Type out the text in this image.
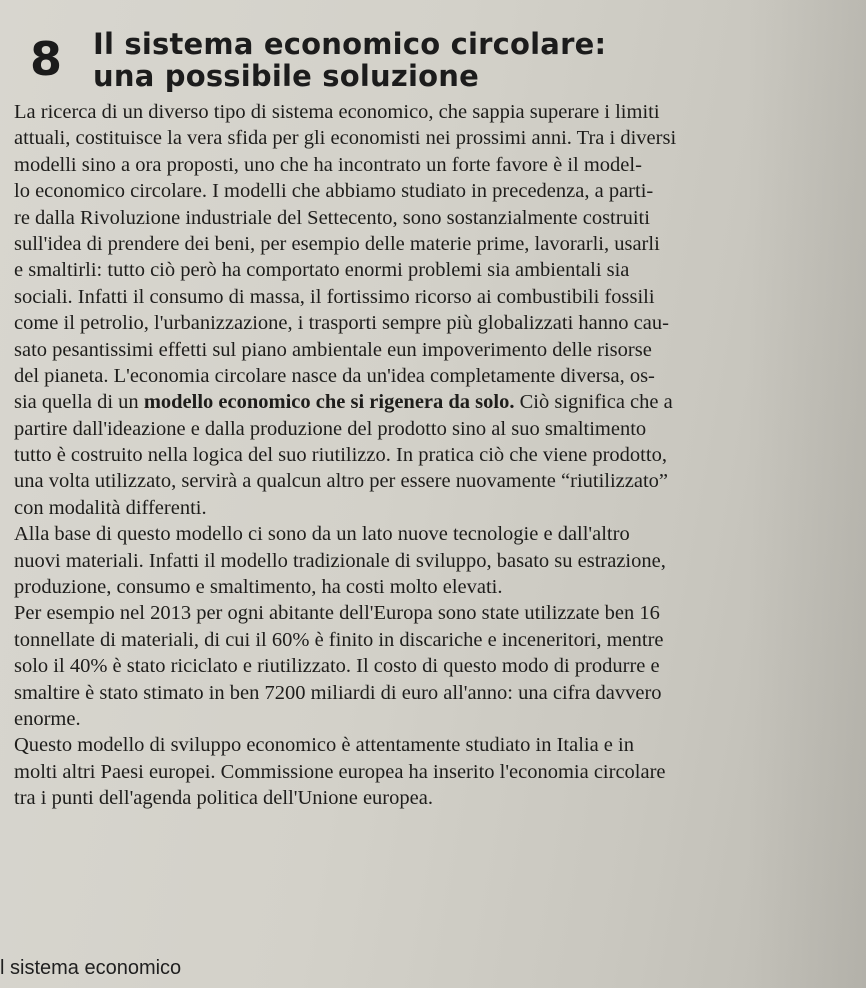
8 Il sistema economico circolare:
una possibile soluzione
La ricerca di un diverso tipo di sistema economico, che sappia superare i limiti
attuali, costituisce la vera sfida per gli economisti nei prossimi anni. Tra i diversi
modelli sino a ora proposti, uno che ha incontrato un forte favore è il model-
lo economico circolare. I modelli che abbiamo studiato in precedenza, a parti-
re dalla Rivoluzione industriale del Settecento, sono sostanzialmente costruiti
sull'idea di prendere dei beni, per esempio delle materie prime, lavorarli, usarli
e smaltirli: tutto ciò però ha comportato enormi problemi sia ambientali sia
sociali. Infatti il consumo di massa, il fortissimo ricorso ai combustibili fossili
come il petrolio, l'urbanizzazione, i trasporti sempre più globalizzati hanno cau-
sato pesantissimi effetti sul piano ambientale eun impoverimento delle risorse
del pianeta. L'economia circolare nasce da un'idea completamente diversa, os-
sia quella di un modello economico che si rigenera da solo. Ciò significa che a
partire dall'ideazione e dalla produzione del prodotto sino al suo smaltimento
tutto è costruito nella logica del suo riutilizzo. In pratica ciò che viene prodotto,
una volta utilizzato, servirà a qualcun altro per essere nuovamente “riutilizzato”
con modalità differenti.
Alla base di questo modello ci sono da un lato nuove tecnologie e dall'altro
nuovi materiali. Infatti il modello tradizionale di sviluppo, basato su estrazione,
produzione, consumo e smaltimento, ha costi molto elevati.
Per esempio nel 2013 per ogni abitante dell'Europa sono state utilizzate ben 16
tonnellate di materiali, di cui il 60% è finito in discariche e inceneritori, mentre
solo il 40% è stato riciclato e riutilizzato. Il costo di questo modo di produrre e
smaltire è stato stimato in ben 7200 miliardi di euro all'anno: una cifra davvero
enorme.
Questo modello di sviluppo economico è attentamente studiato in Italia e in
molti altri Paesi europei. Commissione europea ha inserito l'economia circolare
tra i punti dell'agenda politica dell'Unione europea.
l sistema economico
